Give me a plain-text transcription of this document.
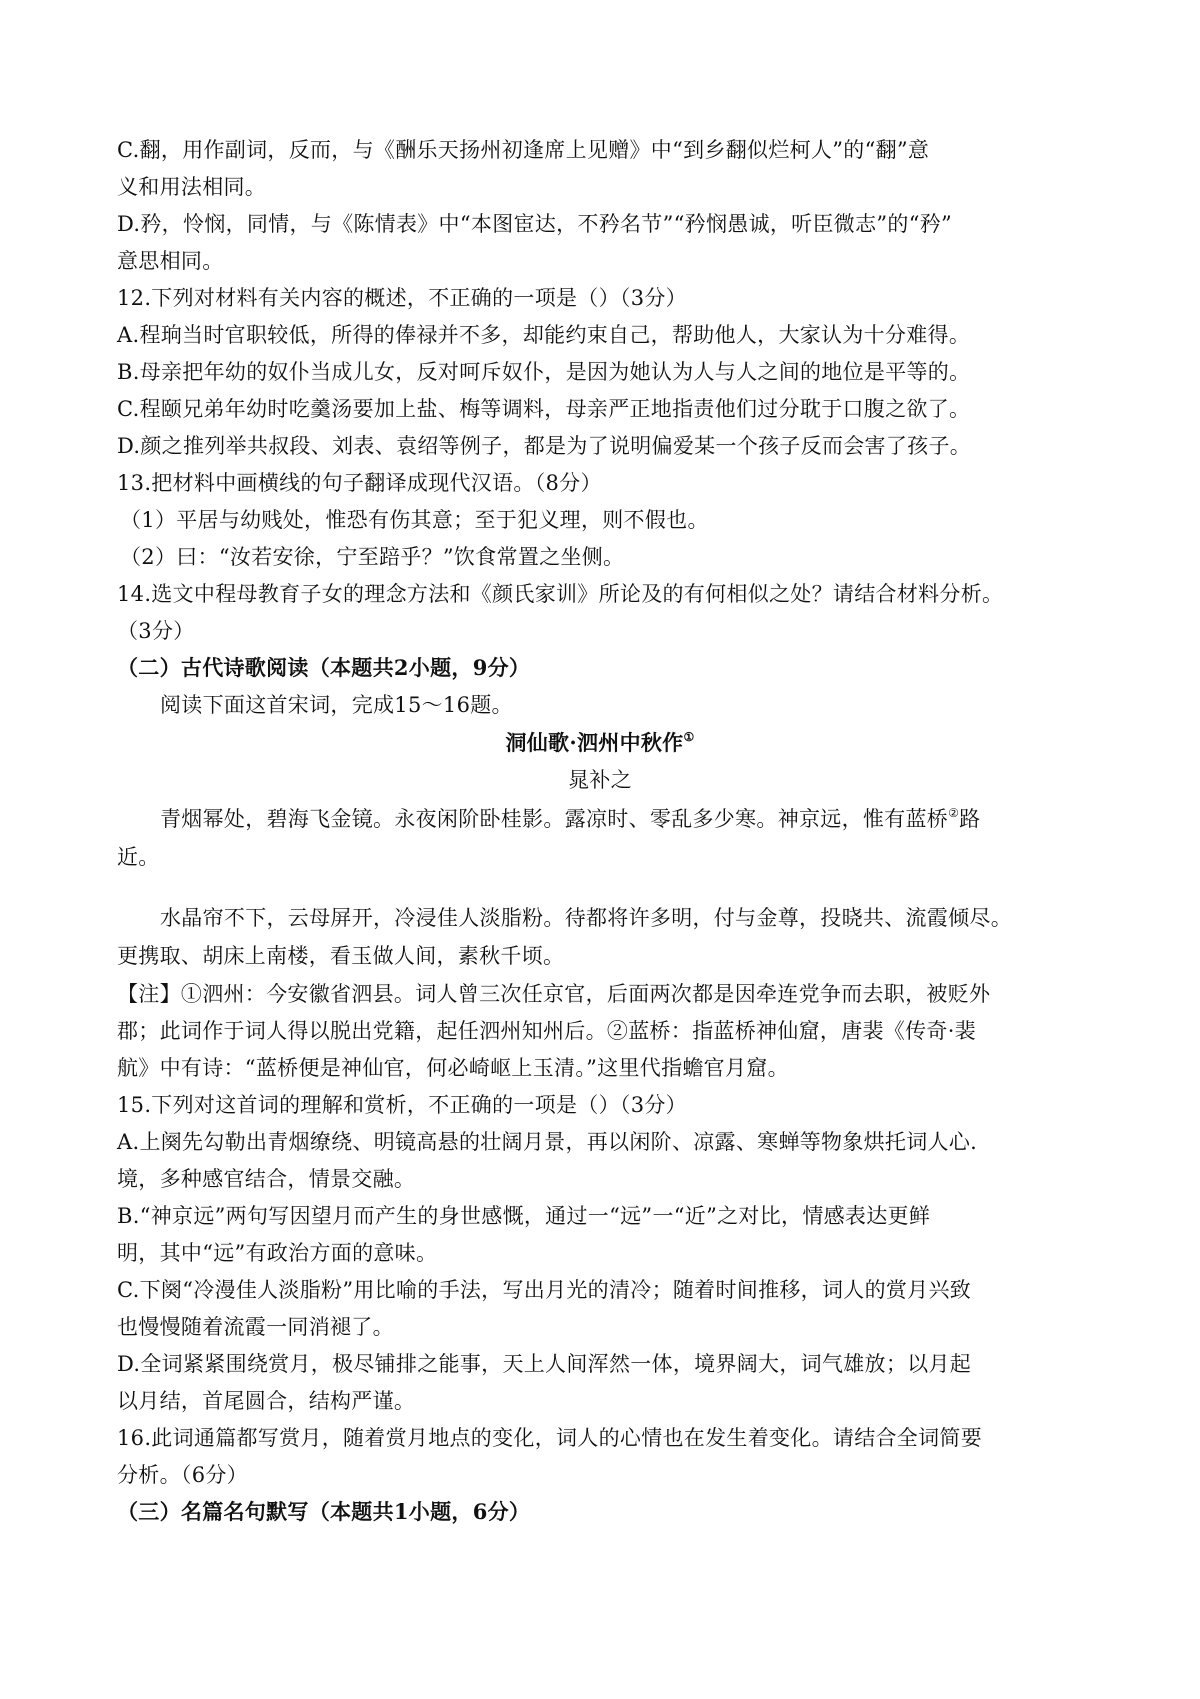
C.翻，用作副词，反而，与《酬乐天扬州初逢席上见赠》中“到乡翻似烂柯人”的“翻”意
义和用法相同。
D.矜，怜悯，同情，与《陈情表》中“本图宦达，不矜名节”“矜悯愚诚，听臣微志”的“矜”
意思相同。
12.下列对材料有关内容的概述，不正确的一项是（）（3分）
A.程珦当时官职较低，所得的俸禄并不多，却能约束自己，帮助他人，大家认为十分难得。
B.母亲把年幼的奴仆当成儿女，反对呵斥奴仆，是因为她认为人与人之间的地位是平等的。
C.程颐兄弟年幼时吃羹汤要加上盐、梅等调料，母亲严正地指责他们过分耽于口腹之欲了。
D.颜之推列举共叔段、刘表、袁绍等例子，都是为了说明偏爱某一个孩子反而会害了孩子。
13.把材料中画横线的句子翻译成现代汉语。（8分）
（1）平居与幼贱处，惟恐有伤其意；至于犯义理，则不假也。
（2）曰：“汝若安徐，宁至踣乎？”饮食常置之坐侧。
14.选文中程母教育子女的理念方法和《颜氏家训》所论及的有何相似之处？请结合材料分析。
（3分）
（二）古代诗歌阅读（本题共2小题，9分）
阅读下面这首宋词，完成15～16题。
洞仙歌·泗州中秋作①
晁补之
青烟幂处，碧海飞金镜。永夜闲阶卧桂影。露凉时、零乱多少寒。神京远，惟有蓝桥②路
近。
水晶帘不下，云母屏开，冷浸佳人淡脂粉。待都将许多明，付与金尊，投晓共、流霞倾尽。
更携取、胡床上南楼，看玉做人间，素秋千顷。
【注】①泗州：今安徽省泗县。词人曾三次任京官，后面两次都是因牵连党争而去职，被贬外
郡；此词作于词人得以脱出党籍，起任泗州知州后。②蓝桥：指蓝桥神仙窟，唐裴《传奇·裴
航》中有诗：“蓝桥便是神仙官，何必崎岖上玉清。”这里代指蟾官月窟。
15.下列对这首词的理解和赏析，不正确的一项是（）（3分）
A.上阕先勾勒出青烟缭绕、明镜高悬的壮阔月景，再以闲阶、凉露、寒蝉等物象烘托词人心.
境，多种感官结合，情景交融。
B.“神京远”两句写因望月而产生的身世感慨，通过一“远”一“近”之对比，情感表达更鲜
明，其中“远”有政治方面的意味。
C.下阕“冷漫佳人淡脂粉”用比喻的手法，写出月光的清冷；随着时间推移，词人的赏月兴致
也慢慢随着流霞一同消褪了。
D.全词紧紧围绕赏月，极尽铺排之能事，天上人间浑然一体，境界阔大，词气雄放；以月起
以月结，首尾圆合，结构严谨。
16.此词通篇都写赏月，随着赏月地点的变化，词人的心情也在发生着变化。请结合全词简要
分析。（6分）
（三）名篇名句默写（本题共1小题，6分）
